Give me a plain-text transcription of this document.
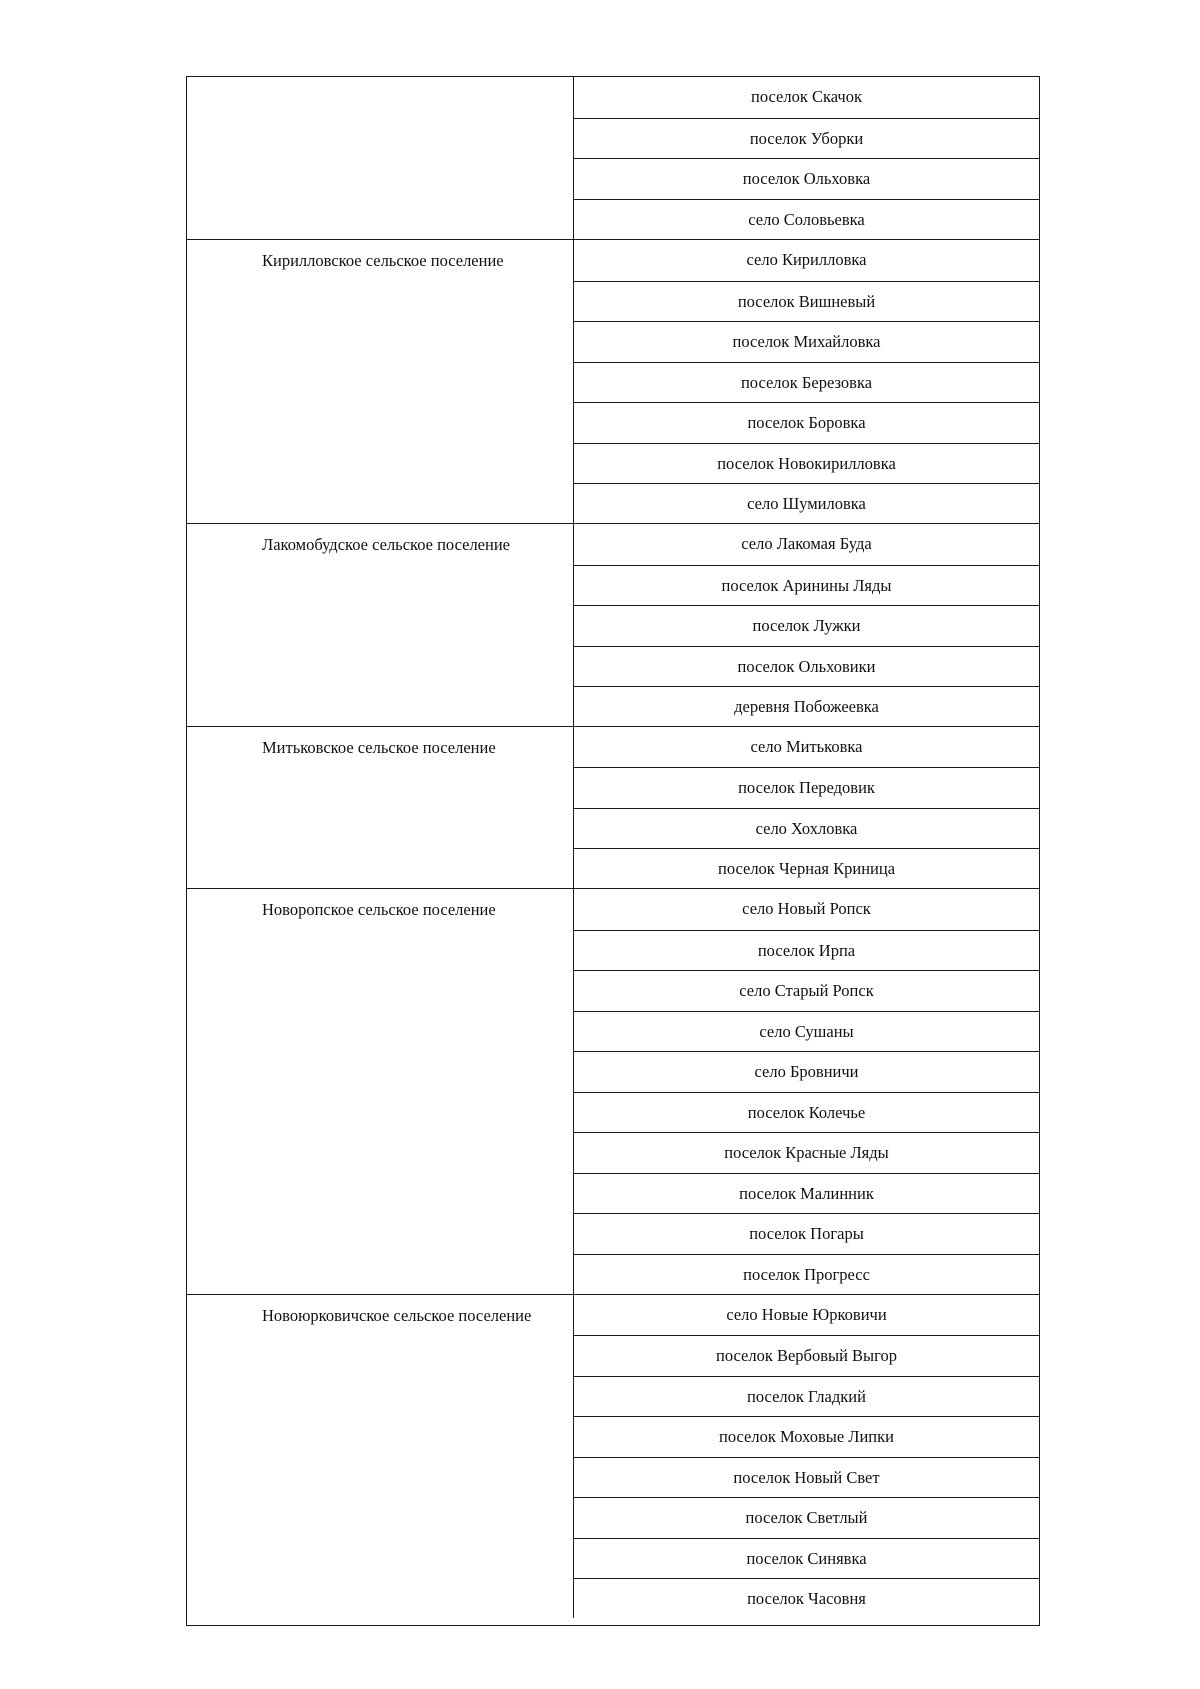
поселок Скачок
поселок Уборки
поселок Ольховка
село Соловьевка
Кирилловское сельское поселение	село Кирилловка
поселок Вишневый
поселок Михайловка
поселок Березовка
поселок Боровка
поселок Новокирилловка
село Шумиловка
Лакомобудское сельское поселение	село Лакомая Буда
поселок Аринины Ляды
поселок Лужки
поселок Ольховики
деревня Побожеевка
Митьковское сельское поселение	село Митьковка
поселок Передовик
село Хохловка
поселок Черная Криница
Новоропское сельское поселение	село Новый Ропск
поселок Ирпа
село Старый Ропск
село Сушаны
село Бровничи
поселок Колечье
поселок Красные Ляды
поселок Малинник
поселок Погары
поселок Прогресс
Новоюрковичское сельское поселение	село Новые Юрковичи
поселок Вербовый Выгор
поселок Гладкий
поселок Моховые Липки
поселок Новый Свет
поселок Светлый
поселок Синявка
поселок Часовня
